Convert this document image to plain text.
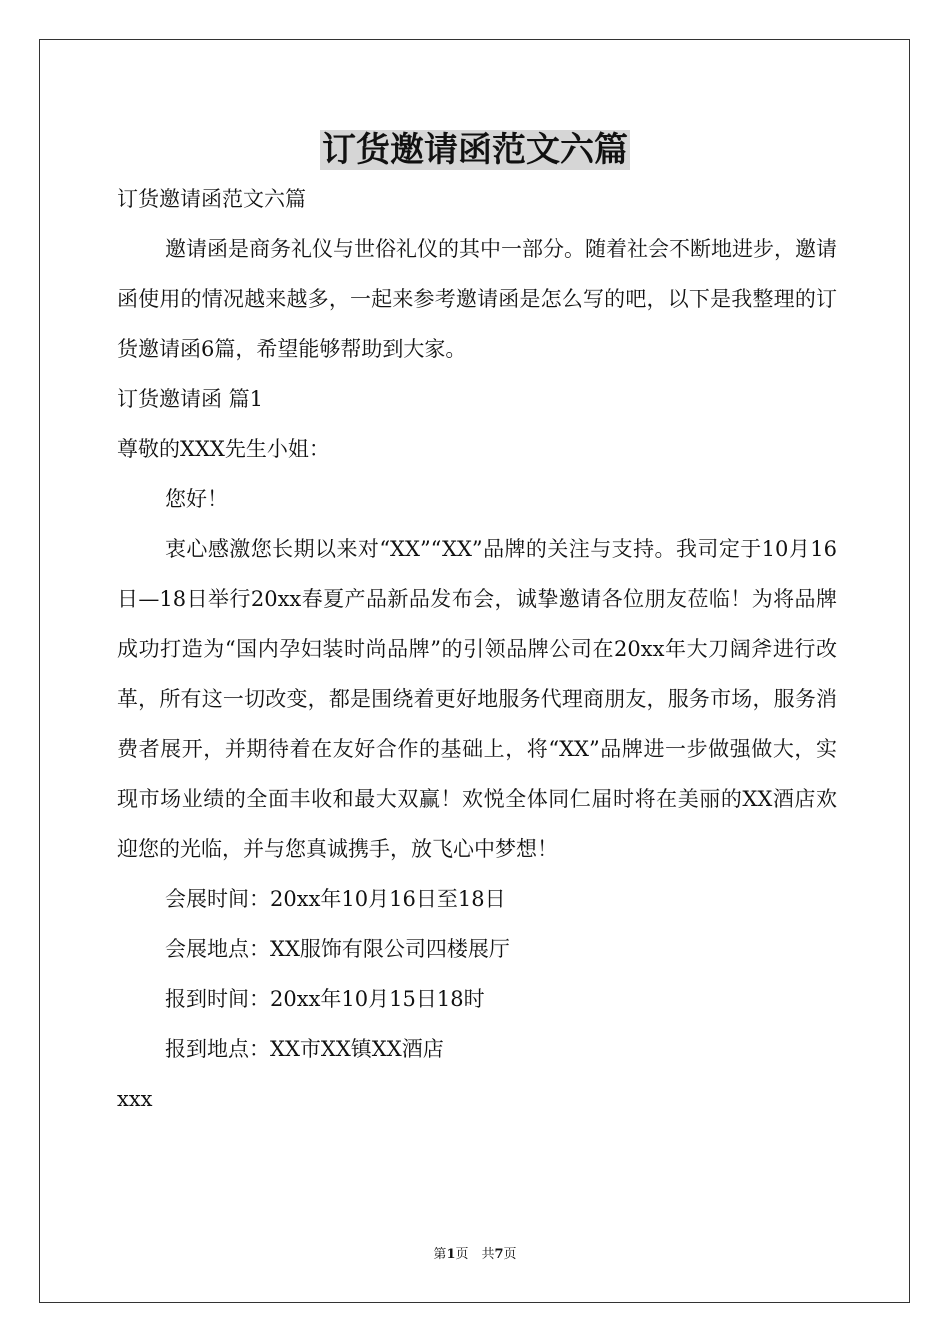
订货邀请函范文六篇

订货邀请函范文六篇

邀请函是商务礼仪与世俗礼仪的其中一部分。随着社会不断地进步，邀请函使用的情况越来越多，一起来参考邀请函是怎么写的吧，以下是我整理的订货邀请函6篇，希望能够帮助到大家。

订货邀请函 篇1

尊敬的XXX先生小姐：

您好！

衷心感激您长期以来对“XX”“XX”品牌的关注与支持。我司定于10月16日—18日举行20xx春夏产品新品发布会，诚挚邀请各位朋友莅临！为将品牌成功打造为“国内孕妇装时尚品牌”的引领品牌公司在20xx年大刀阔斧进行改革，所有这一切改变，都是围绕着更好地服务代理商朋友，服务市场，服务消费者展开，并期待着在友好合作的基础上，将“XX”品牌进一步做强做大，实现市场业绩的全面丰收和最大双赢！欢悦全体同仁届时将在美丽的XX酒店欢迎您的光临，并与您真诚携手，放飞心中梦想！

会展时间：20xx年10月16日至18日

会展地点：XX服饰有限公司四楼展厅

报到时间：20xx年10月15日18时

报到地点：XX市XX镇XX酒店

xxx

第1页　共7页
